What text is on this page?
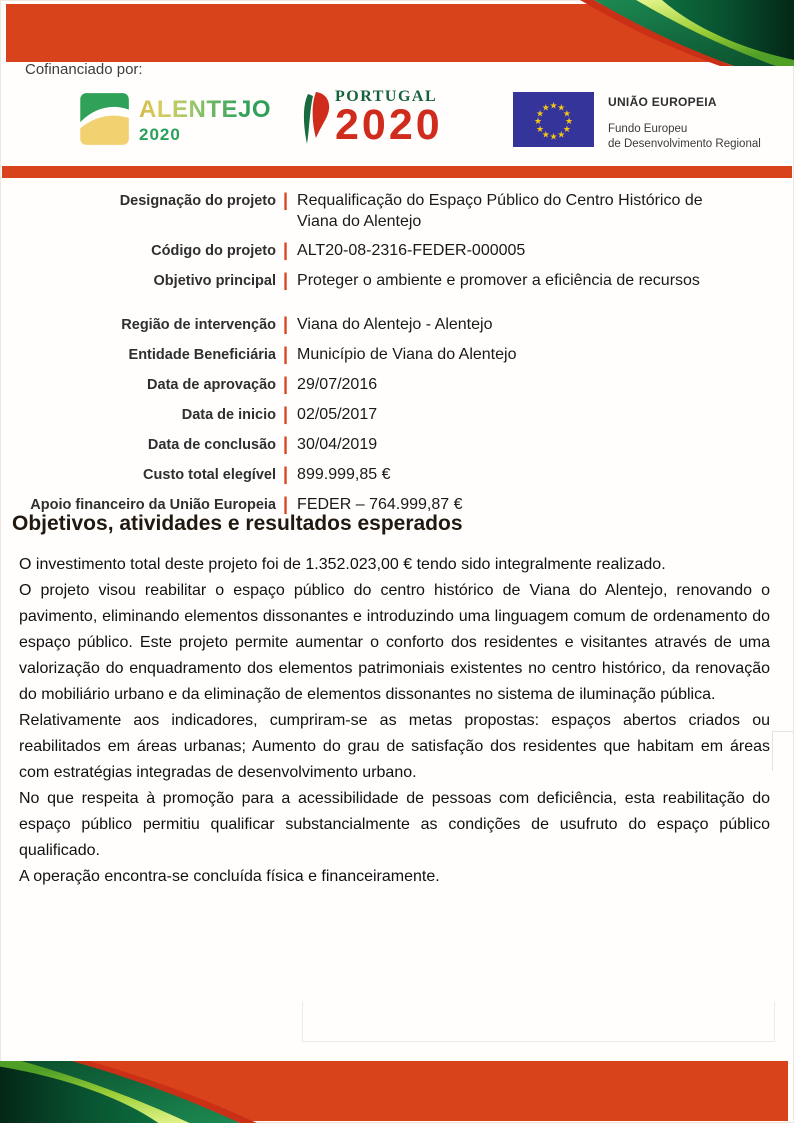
Cofinanciado por:
ALENTEJO
2020
PORTUGAL
2020	★ ★
★
★
★
★
★
★
★
★
★
★	UNIÃO EUROPEIA
Fundo Europeu
de Desenvolvimento Regional
Designação do projeto | Requalificação do Espaço Público do Centro Histórico de Viana do Alentejo
Código do projeto | ALT20-08-2316-FEDER-000005
Objetivo principal | Proteger o ambiente e promover a eficiência de recursos
Região de intervenção | Viana do Alentejo - Alentejo
Entidade Beneficiária | Município de Viana do Alentejo
Data de aprovação | 29/07/2016
Data de inicio | 02/05/2017
Data de conclusão | 30/04/2019
Custo total elegível | 899.999,85 €
Apoio financeiro da União Europeia | FEDER – 764.999,87 €
Objetivos, atividades e resultados esperados

O investimento total deste projeto foi de 1.352.023,00 € tendo sido integralmente realizado.

O projeto visou reabilitar o espaço público do centro histórico de Viana do Alentejo, renovando o pavimento, eliminando elementos dissonantes e introduzindo uma linguagem comum de ordenamento do espaço público. Este projeto permite aumentar o conforto dos residentes e visitantes através de uma valorização do enquadramento dos elementos patrimoniais existentes no centro histórico, da renovação do mobiliário urbano e da eliminação de elementos dissonantes no sistema de iluminação pública.

Relativamente aos indicadores, cumpriram-se as metas propostas: espaços abertos criados ou reabilitados em áreas urbanas; Aumento do grau de satisfação dos residentes que habitam em áreas com estratégias integradas de desenvolvimento urbano.

No que respeita à promoção para a acessibilidade de pessoas com deficiência, esta reabilitação do espaço público permitiu qualificar substancialmente as condições de usufruto do espaço público qualificado.

A operação encontra-se concluída física e financeiramente.
